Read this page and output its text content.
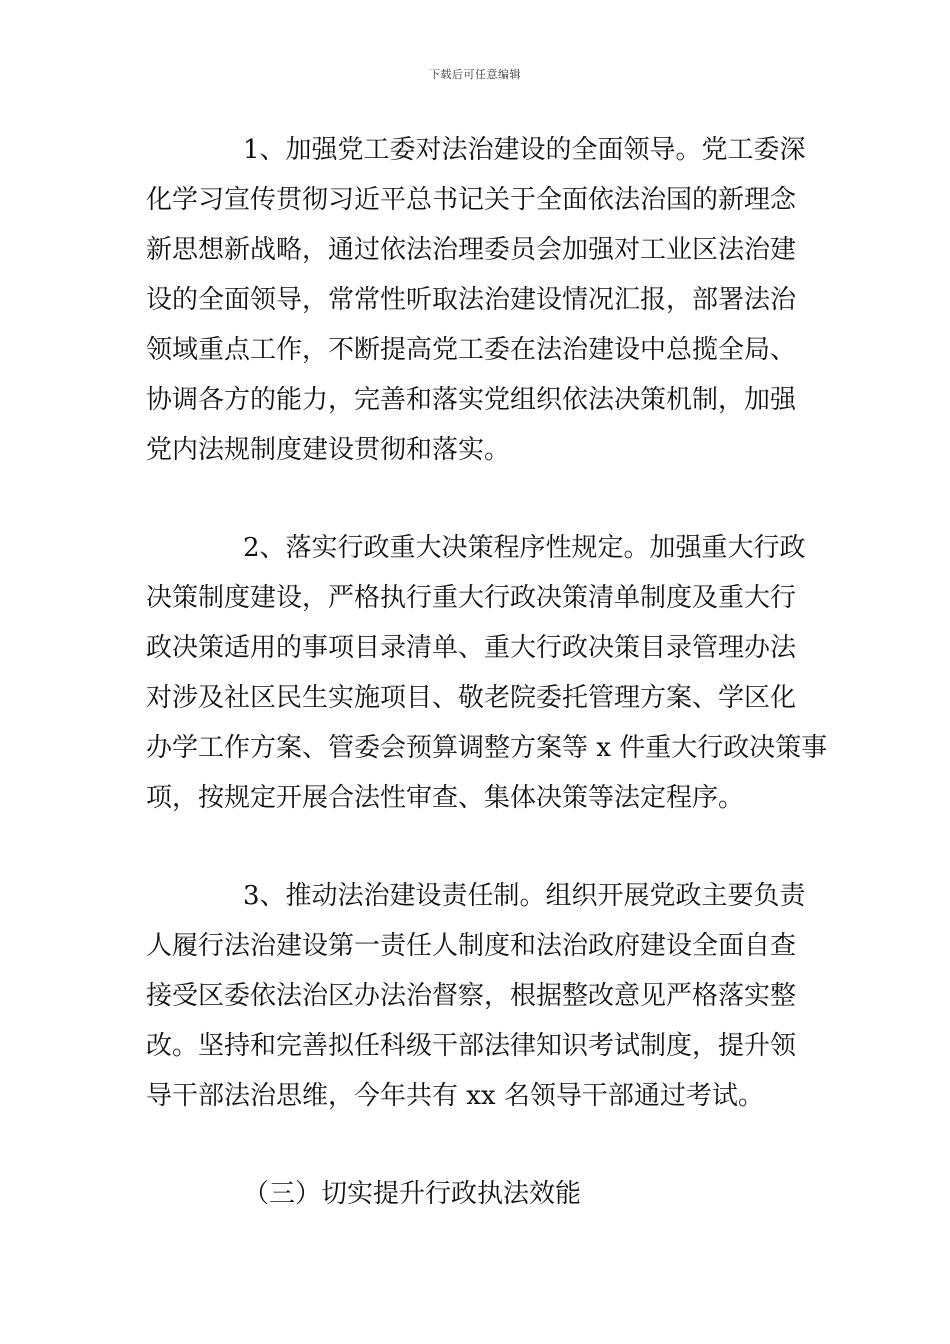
下载后可任意编辑
1、加强党工委对法治建设的全面领导。党工委深
化学习宣传贯彻习近平总书记关于全面依法治国的新理念
新思想新战略，通过依法治理委员会加强对工业区法治建
设的全面领导，常常性听取法治建设情况汇报，部署法治
领域重点工作，不断提高党工委在法治建设中总揽全局、
协调各方的能力，完善和落实党组织依法决策机制，加强
党内法规制度建设贯彻和落实。
2、落实行政重大决策程序性规定。加强重大行政
决策制度建设，严格执行重大行政决策清单制度及重大行
政决策适用的事项目录清单、重大行政决策目录管理办法
对涉及社区民生实施项目、敬老院委托管理方案、学区化
办学工作方案、管委会预算调整方案等 x 件重大行政决策事
项，按规定开展合法性审查、集体决策等法定程序。
3、推动法治建设责任制。组织开展党政主要负责
人履行法治建设第一责任人制度和法治政府建设全面自查
接受区委依法治区办法治督察，根据整改意见严格落实整
改。坚持和完善拟任科级干部法律知识考试制度，提升领
导干部法治思维，今年共有 xx 名领导干部通过考试。
（三）切实提升行政执法效能
